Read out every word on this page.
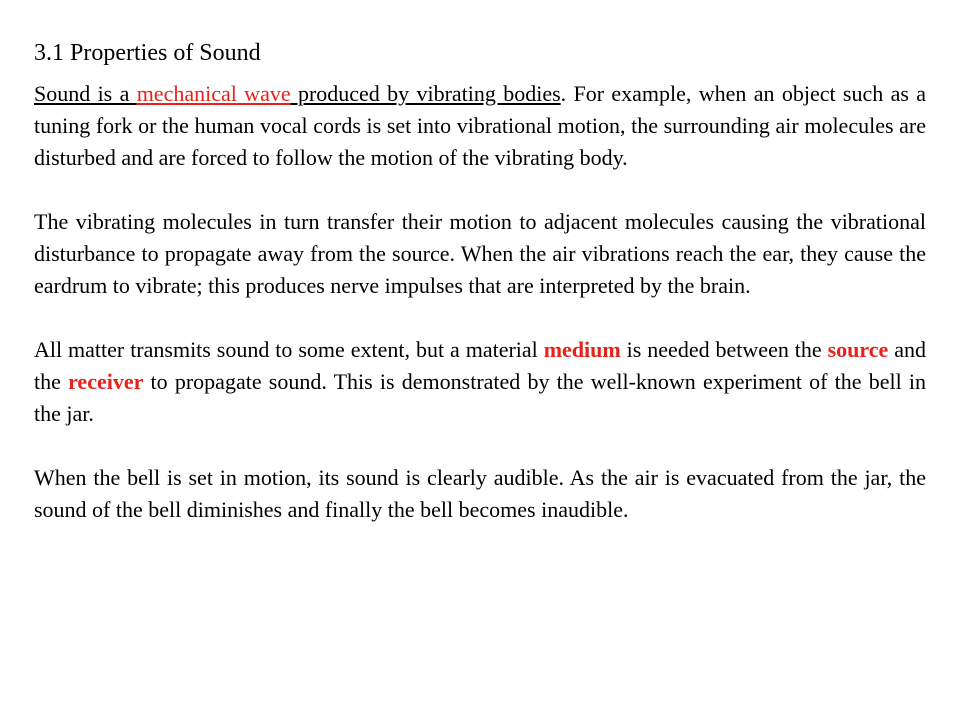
3.1 Properties of Sound

Sound is a mechanical wave produced by vibrating bodies. For example, when an object such as a tuning fork or the human vocal cords is set into vibrational motion, the surrounding air molecules are disturbed and are forced to follow the motion of the vibrating body.

The vibrating molecules in turn transfer their motion to adjacent molecules causing the vibrational disturbance to propagate away from the source. When the air vibrations reach the ear, they cause the eardrum to vibrate; this produces nerve impulses that are interpreted by the brain.

All matter transmits sound to some extent, but a material medium is needed between the source and the receiver to propagate sound. This is demonstrated by the well-known experiment of the bell in the jar.

When the bell is set in motion, its sound is clearly audible. As the air is evacuated from the jar, the sound of the bell diminishes and finally the bell becomes inaudible.
